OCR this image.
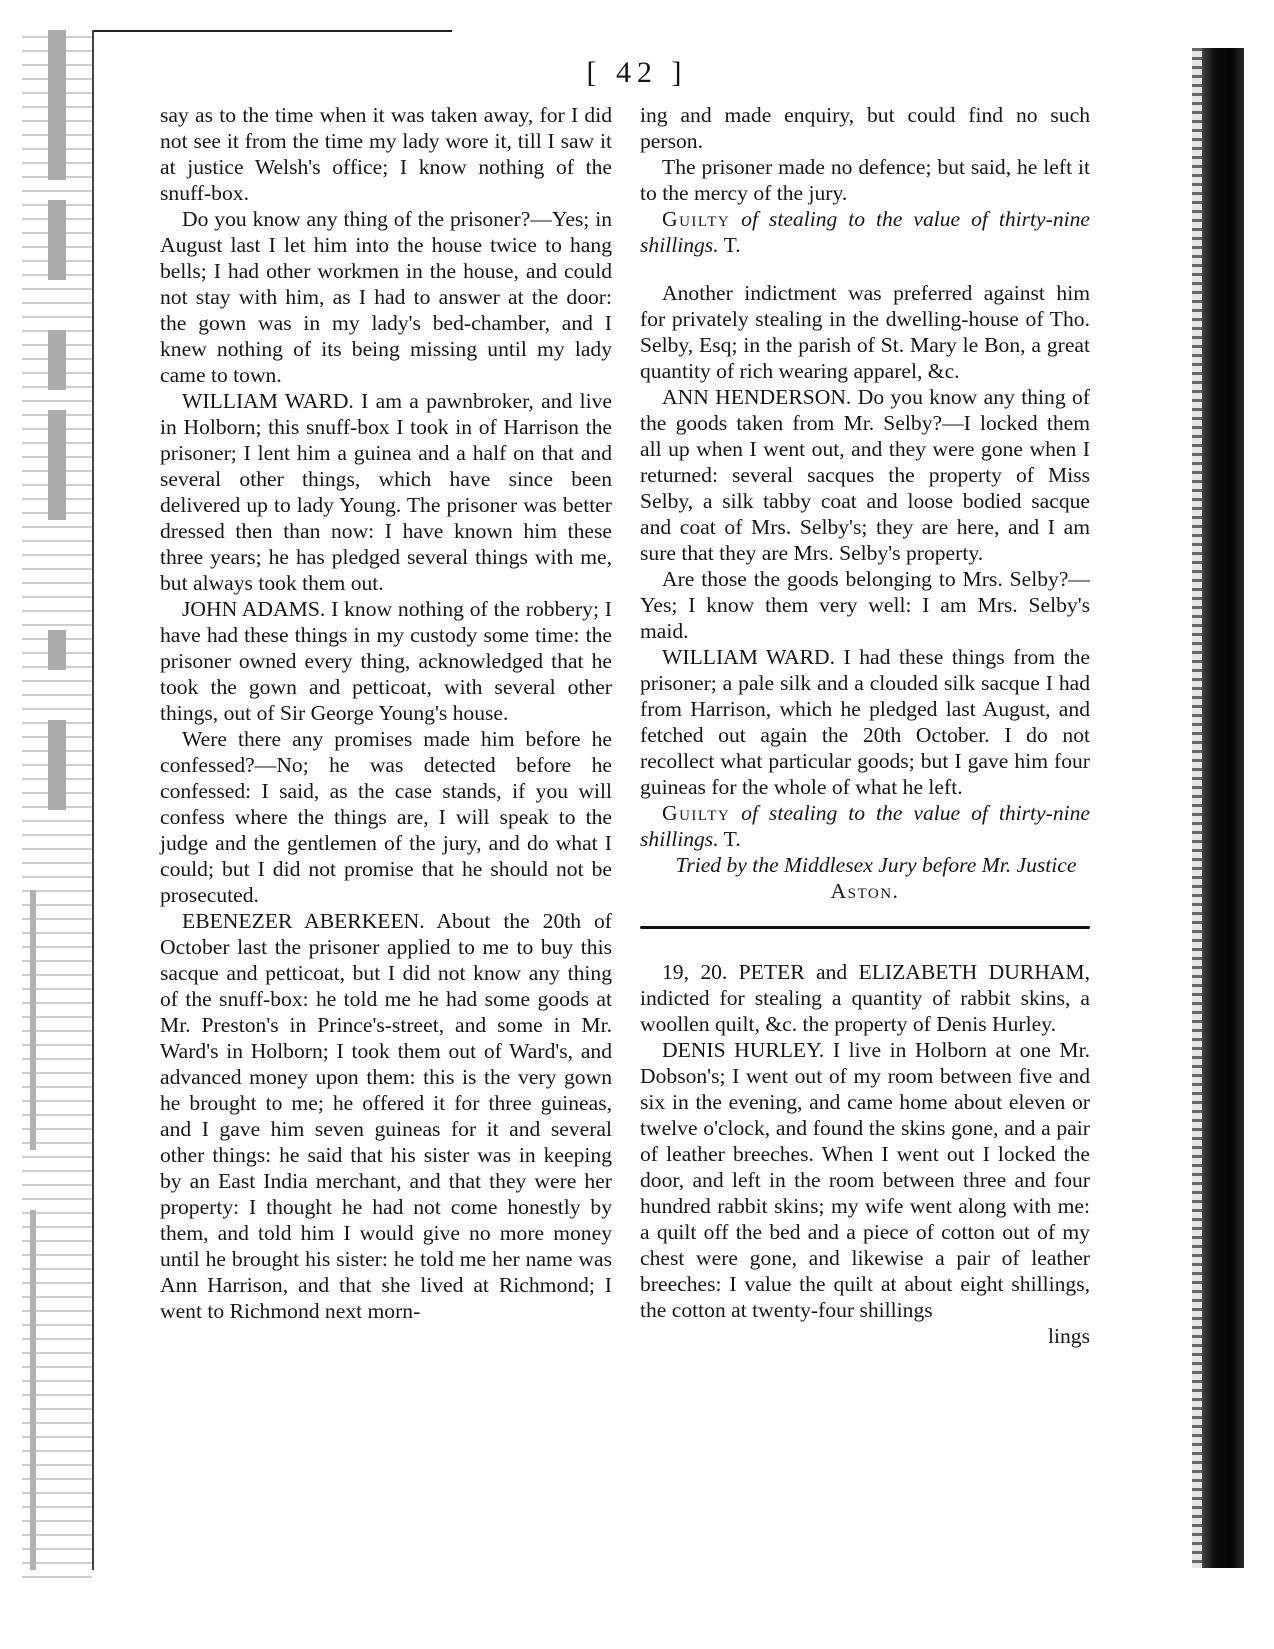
[ 42 ]

say as to the time when it was taken away, for I did not see it from the time my lady wore it, till I saw it at justice Welsh's office; I know nothing of the snuff-box.

Do you know any thing of the prisoner?—Yes; in August last I let him into the house twice to hang bells; I had other workmen in the house, and could not stay with him, as I had to answer at the door: the gown was in my lady's bed-chamber, and I knew nothing of its being missing until my lady came to town.

WILLIAM WARD. I am a pawnbroker, and live in Holborn; this snuff-box I took in of Harrison the prisoner; I lent him a guinea and a half on that and several other things, which have since been delivered up to lady Young. The prisoner was better dressed then than now: I have known him these three years; he has pledged several things with me, but always took them out.

JOHN ADAMS. I know nothing of the robbery; I have had these things in my custody some time: the prisoner owned every thing, acknowledged that he took the gown and petticoat, with several other things, out of Sir George Young's house.

Were there any promises made him before he confessed?—No; he was detected before he confessed: I said, as the case stands, if you will confess where the things are, I will speak to the judge and the gentlemen of the jury, and do what I could; but I did not promise that he should not be prosecuted.

EBENEZER ABERKEEN. About the 20th of October last the prisoner applied to me to buy this sacque and petticoat, but I did not know any thing of the snuff-box: he told me he had some goods at Mr. Preston's in Prince's-street, and some in Mr. Ward's in Holborn; I took them out of Ward's, and advanced money upon them: this is the very gown he brought to me; he offered it for three guineas, and I gave him seven guineas for it and several other things: he said that his sister was in keeping by an East India merchant, and that they were her property: I thought he had not come honestly by them, and told him I would give no more money until he brought his sister: he told me her name was Ann Harrison, and that she lived at Richmond; I went to Richmond next morn-

ing and made enquiry, but could find no such person.

The prisoner made no defence; but said, he left it to the mercy of the jury.

Guilty of stealing to the value of thirty-nine shillings. T.

Another indictment was preferred against him for privately stealing in the dwelling-house of Tho. Selby, Esq; in the parish of St. Mary le Bon, a great quantity of rich wearing apparel, &c.

ANN HENDERSON. Do you know any thing of the goods taken from Mr. Selby?—I locked them all up when I went out, and they were gone when I returned: several sacques the property of Miss Selby, a silk tabby coat and loose bodied sacque and coat of Mrs. Selby's; they are here, and I am sure that they are Mrs. Selby's property.

Are those the goods belonging to Mrs. Selby?—Yes; I know them very well: I am Mrs. Selby's maid.

WILLIAM WARD. I had these things from the prisoner; a pale silk and a clouded silk sacque I had from Harrison, which he pledged last August, and fetched out again the 20th October. I do not recollect what particular goods; but I gave him four guineas for the whole of what he left.

Guilty of stealing to the value of thirty-nine shillings. T.

Tried by the Middlesex Jury before Mr. Justice
Aston.

19, 20. PETER and ELIZABETH DURHAM, indicted for stealing a quantity of rabbit skins, a woollen quilt, &c. the property of Denis Hurley.

DENIS HURLEY. I live in Holborn at one Mr. Dobson's; I went out of my room between five and six in the evening, and came home about eleven or twelve o'clock, and found the skins gone, and a pair of leather breeches. When I went out I locked the door, and left in the room between three and four hundred rabbit skins; my wife went along with me: a quilt off the bed and a piece of cotton out of my chest were gone, and likewise a pair of leather breeches: I value the quilt at about eight shillings, the cotton at twenty-four shillings

lings
